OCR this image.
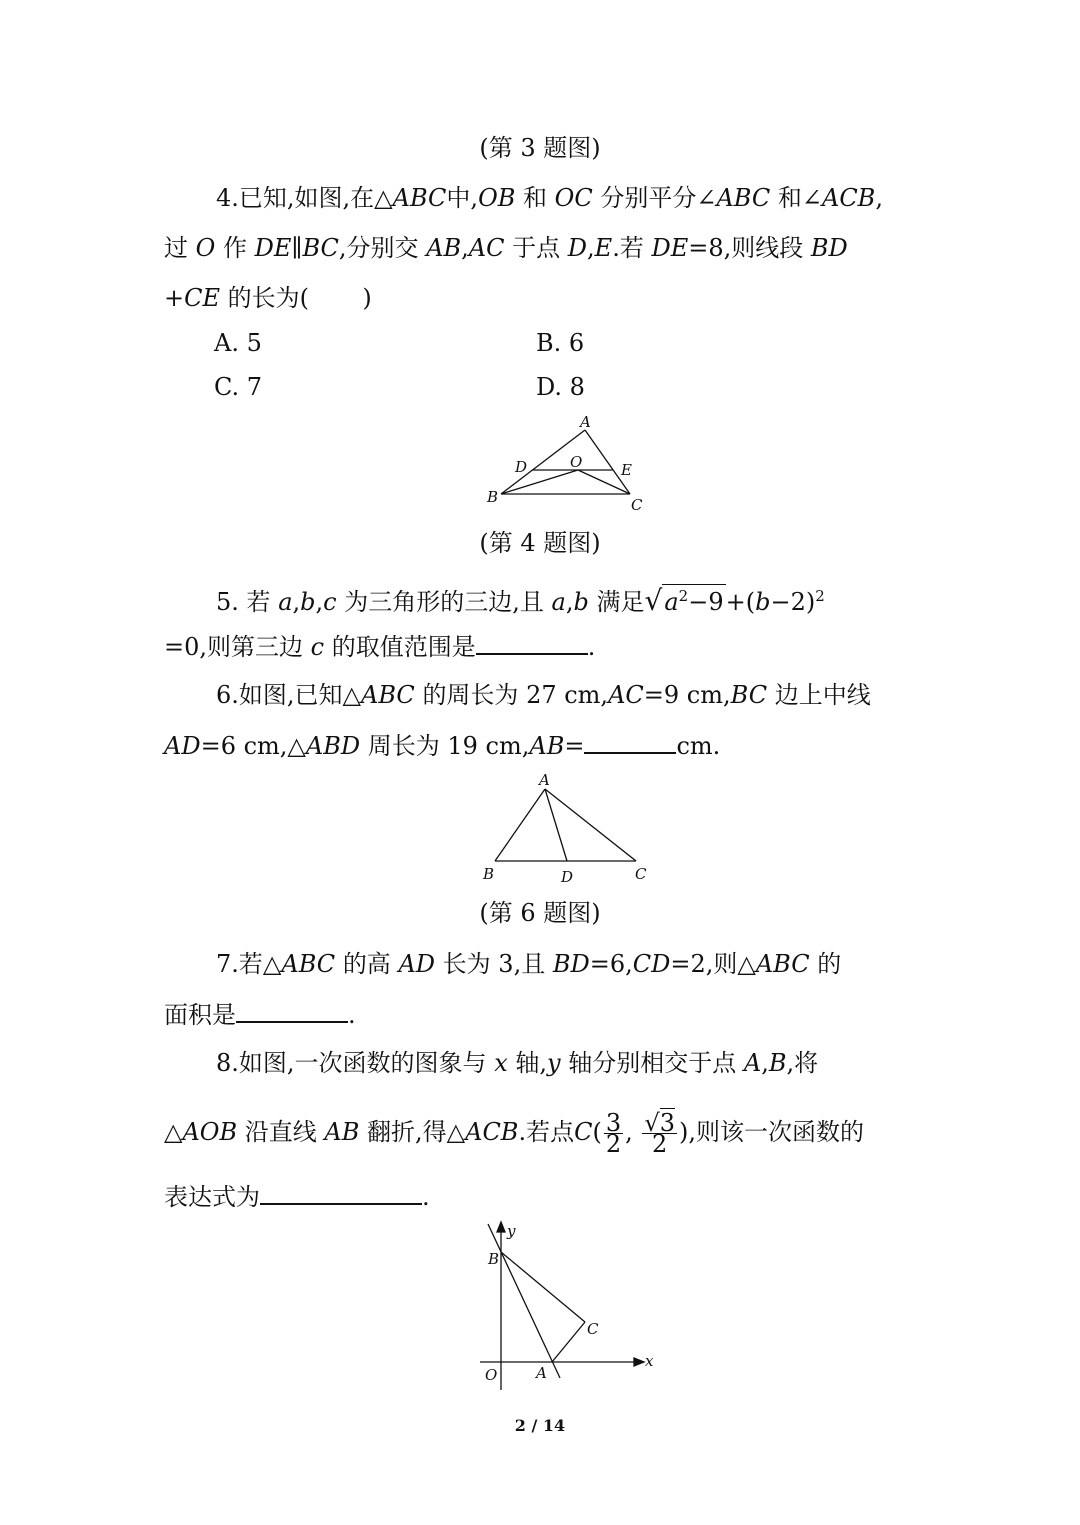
(第 3 题图)
4.已知,如图,在△ABC中,OB 和 OC 分别平分∠ABC 和∠ACB,
过 O 作 DE∥BC,分别交 AB,AC 于点 D,E.若 DE=8,则线段 BD
+CE 的长为( )
A. 5	B. 6
C. 7	D. 8
A
D	O	E
B	C
(第 4 题图)
5. 若 a,b,c 为三角形的三边,且 a,b 满足$√a^2-9+(b-2)^2$
=0,则第三边 c 的取值范围是	.
6.如图,已知△ABC 的周长为 27 cm,AC=9 cm,BC 边上中线
AD=6 cm,△ABD 周长为 19 cm,AB=	cm.
A
B	D	C
(第 6 题图)
7.若△ABC 的高 AD 长为 3,且 BD=6,CD=2,则△ABC 的
面积是	.
8.如图,一次函数的图象与 x 轴,y 轴分别相交于点 A,B,将
△AOB 沿直线 AB 翻折,得△ACB.若点$C( \frac{3}{2}$ , $\frac{√3}{2}$ ),则该一次函数的
表达式为	.
y
B
C
x
O	A
2 / 14
